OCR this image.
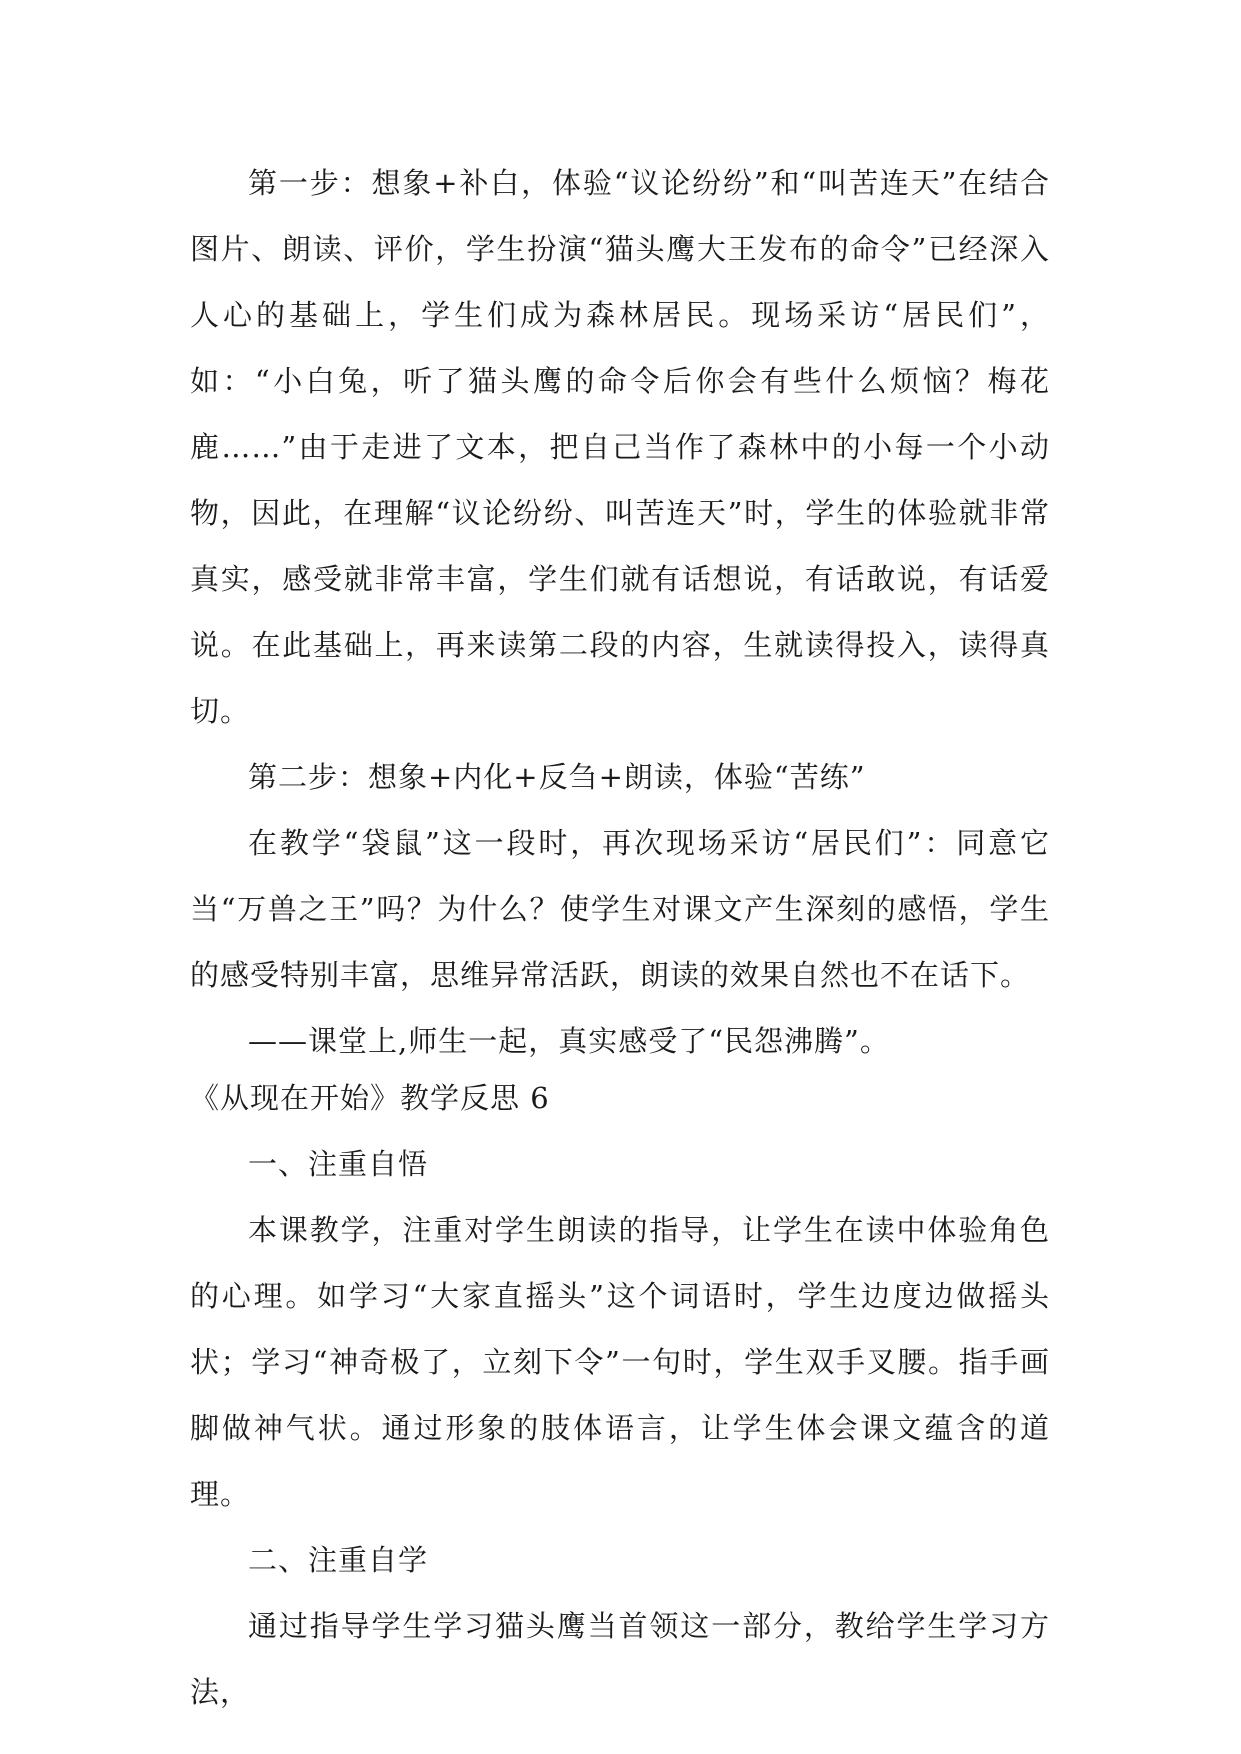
第一步：想象+补白，体验“议论纷纷”和“叫苦连天”在结合图片、朗读、评价，学生扮演“猫头鹰大王发布的命令”已经深入人心的基础上，学生们成为森林居民。现场采访“居民们”，如：“小白兔，听了猫头鹰的命令后你会有些什么烦恼？梅花鹿……”由于走进了文本，把自己当作了森林中的小每一个小动物，因此，在理解“议论纷纷、叫苦连天”时，学生的体验就非常真实，感受就非常丰富，学生们就有话想说，有话敢说，有话爱说。在此基础上，再来读第二段的内容，生就读得投入，读得真切。

第二步：想象+内化+反刍+朗读，体验“苦练”

在教学“袋鼠”这一段时，再次现场采访“居民们”：同意它当“万兽之王”吗？为什么？使学生对课文产生深刻的感悟，学生的感受特别丰富，思维异常活跃，朗读的效果自然也不在话下。

——课堂上,师生一起，真实感受了“民怨沸腾”。

《从现在开始》教学反思 6

一、注重自悟

本课教学，注重对学生朗读的指导，让学生在读中体验角色的心理。如学习“大家直摇头”这个词语时，学生边度边做摇头状；学习“神奇极了，立刻下令”一句时，学生双手叉腰。指手画脚做神气状。通过形象的肢体语言，让学生体会课文蕴含的道理。

二、注重自学

通过指导学生学习猫头鹰当首领这一部分，教给学生学习方法，
